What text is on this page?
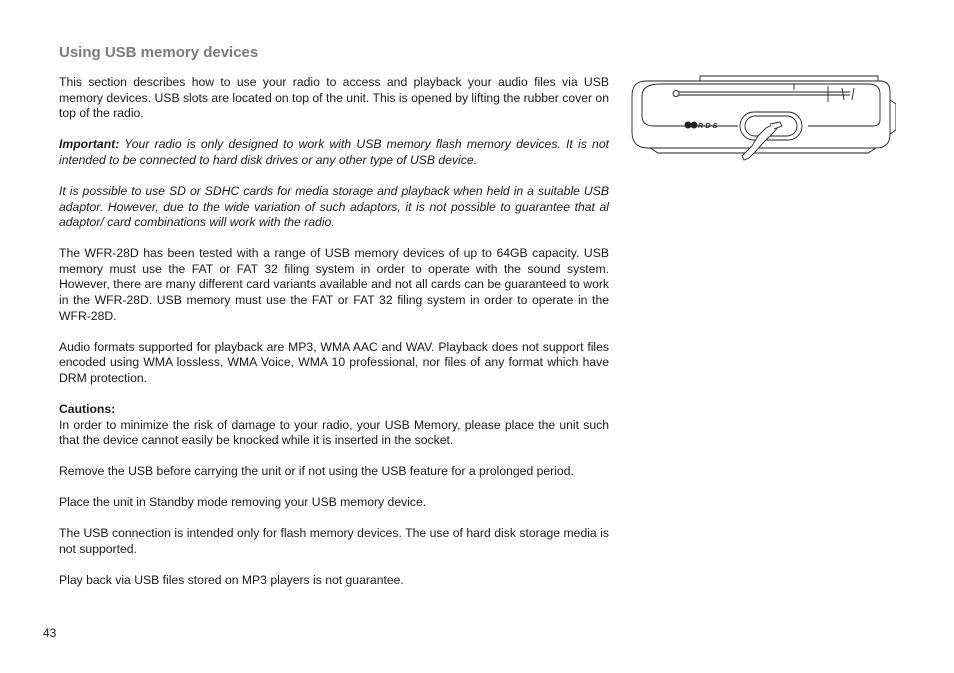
Using USB memory devices

This section describes how to use your radio to access and playback your audio files via USB memory devices. USB slots are located on top of the unit. This is opened by lifting the rubber cover on top of the radio.

Important: Your radio is only designed to work with USB memory flash memory devices. It is not intended to be connected to hard disk drives or any other type of USB device.

It is possible to use SD or SDHC cards for media storage and playback when held in a suitable USB adaptor. However, due to the wide variation of such adaptors, it is not possible to guarantee that al adaptor/ card combinations will work with the radio.

The WFR-28D has been tested with a range of USB memory devices of up to 64GB capacity. USB memory must use the FAT or FAT 32 filing system in order to operate with the sound system. However, there are many different card variants available and not all cards can be guaranteed to work in the WFR-28D. USB memory must use the FAT or FAT 32 filing system in order to operate in the WFR-28D.

Audio formats supported for playback are MP3, WMA AAC and WAV. Playback does not support files encoded using WMA lossless, WMA Voice, WMA 10 professional, nor files of any format which have DRM protection.

Cautions:

In order to minimize the risk of damage to your radio, your USB Memory, please place the unit such that the device cannot easily be knocked while it is inserted in the socket.

Remove the USB before carrying the unit or if not using the USB feature for a prolonged period.

Place the unit in Standby mode removing your USB memory device.

The USB connection is intended only for flash memory devices. The use of hard disk storage media is not supported.

Play back via USB files stored on MP3 players is not guarantee.

R·D·S
43
